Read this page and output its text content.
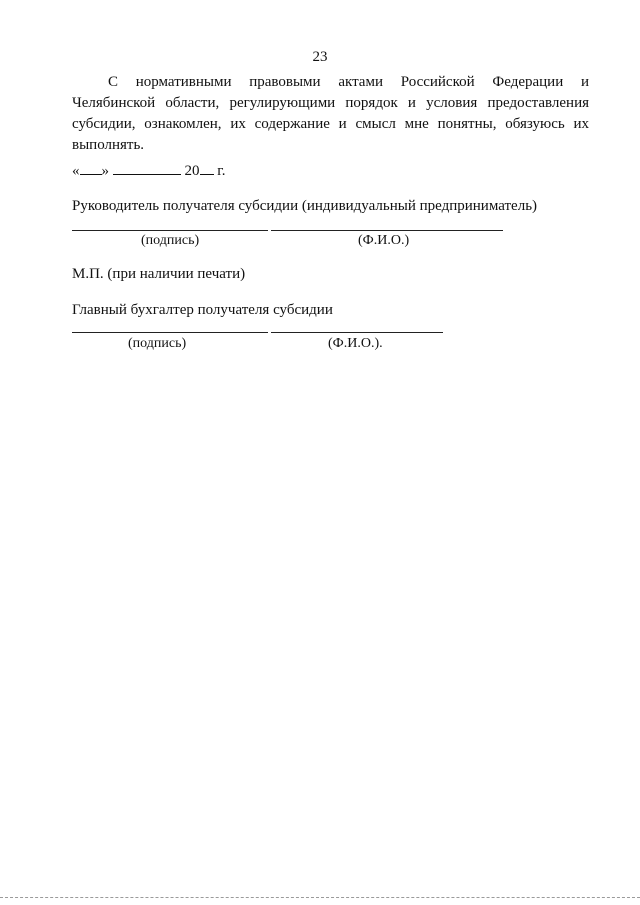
23

С нормативными правовыми актами Российской Федерации и Челябинской области, регулирующими порядок и условия предоставления субсидии, ознакомлен, их содержание и смысл мне понятны, обязуюсь их выполнять.

« »	20 г.
Руководитель получателя субсидии (индивидуальный предприниматель)
(подпись)	(Ф.И.О.)
М.П. (при наличии печати)
Главный бухгалтер получателя субсидии
(подпись)	(Ф.И.О.).
